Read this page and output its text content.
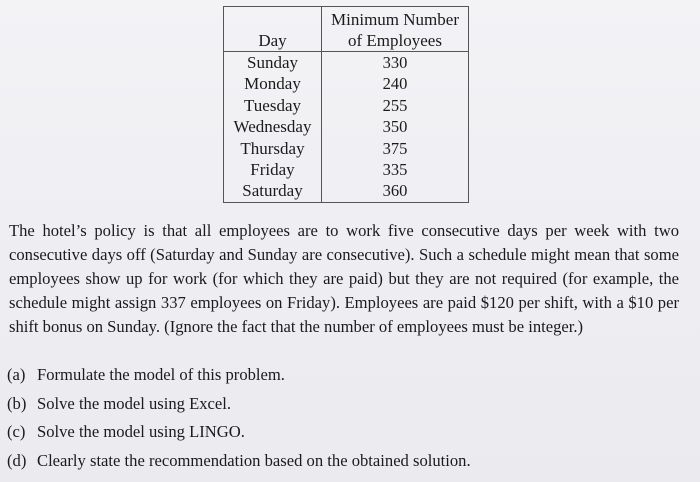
	Minimum Number
Day	of Employees
Sunday	330
Monday	240
Tuesday	255
Wednesday	350
Thursday	375
Friday	335
Saturday	360

The hotel’s policy is that all employees are to work five consecutive days per week with two consecutive days off (Saturday and Sunday are consecutive). Such a schedule might mean that some employees show up for work (for which they are paid) but they are not required (for example, the schedule might assign 337 employees on Friday). Employees are paid $120 per shift, with a $10 per shift bonus on Sunday. (Ignore the fact that the number of employees must be integer.)

(a) Formulate the model of this problem.
(b) Solve the model using Excel.
(c) Solve the model using LINGO.
(d) Clearly state the recommendation based on the obtained solution.
